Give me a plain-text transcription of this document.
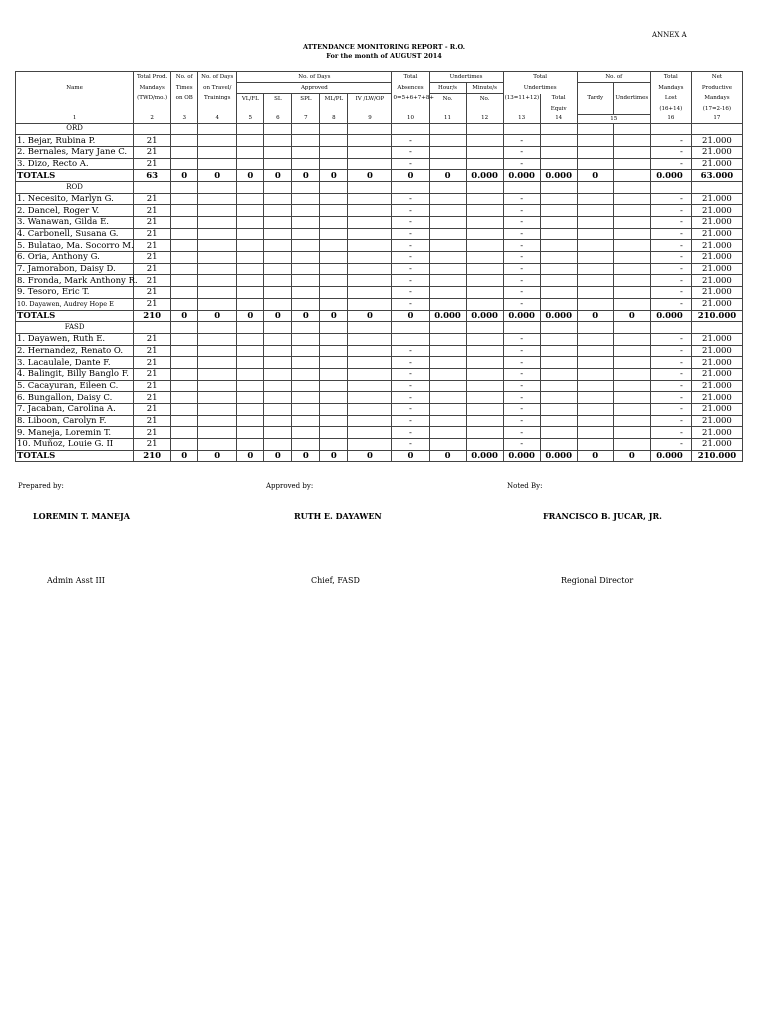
ANNEX A
ATTENDANCE MONITORING REPORT - R.O.
For the month of AUGUST 2014
	Total Prod.	No. of	No. of Days	No. of Days					Total	Undertimes		Total		No. of		Total	Net
Name	Mandays	Times	on Travel/	Approved					Absences	Hour/s	Minute/s	Undertimes		Tardy	Undertimes	Mandays	Productive
	(TWD/mo.)	on OB	Trainings	VL/FL	SL	SPL	ML/PL	IV /LW/OP	0=5+6+7+8+	No.	No.	(13=11+12)	Total			Lost	Mandays
													Equiv			(16+14)	(17=2-16)
1	2	3	4	5	6	7	8	9	10	11	12	13	14	15		16	17
ORD																	
1. Bejar, Rubina P.	21								-			-				-	21.000
2. Bernales, Mary Jane C.	21								-			-				-	21.000
3. Dizo, Recto A.	21								-			-				-	21.000
TOTALS	63	0	0	0	0	0	0	0	0	0	0.000	0.000	0.000	0		0.000	63.000
ROD																	
1. Necesito, Marlyn G.	21								-			-				-	21.000
2. Dancel, Roger V.	21								-			-				-	21.000
3. Wanawan, Gilda E.	21								-			-				-	21.000
4. Carbonell, Susana G.	21								-			-				-	21.000
5. Bulatao, Ma. Socorro M.	21								-			-				-	21.000
6. Oria, Anthony G.	21								-			-				-	21.000
7. Jamorabon, Daisy D.	21								-			-				-	21.000
8. Fronda, Mark Anthony R.	21								-			-				-	21.000
9. Tesoro, Eric T.	21								-			-				-	21.000
10. Dayawen, Audrey Hope E	21								-			-				-	21.000
TOTALS	210	0	0	0	0	0	0	0	0	0.000	0.000	0.000	0.000	0	0	0.000	210.000
FASD																	
1. Dayawen, Ruth E.	21											-				-	21.000
2. Hernandez, Renato O.	21								-			-				-	21.000
3. Lacaulale, Dante F.	21								-			-				-	21.000
4. Balingit, Billy Banglo F.	21								-			-				-	21.000
5. Cacayuran, Eileen C.	21								-			-				-	21.000
6. Bungallon, Daisy C.	21								-			-				-	21.000
7. Jacaban, Carolina A.	21								-			-				-	21.000
8. Liboon, Carolyn F.	21								-			-				-	21.000
9. Maneja, Loremin T.	21								-			-				-	21.000
10. Muñoz, Louie G. II	21								-			-				-	21.000
TOTALS	210	0	0	0	0	0	0	0	0	0	0.000	0.000	0.000	0	0	0.000	210.000
Prepared by:	Approved by:	Noted By:
LOREMIN T. MANEJA	RUTH E. DAYAWEN	FRANCISCO B. JUCAR, JR.
Admin Asst III	Chief, FASD	Regional Director
